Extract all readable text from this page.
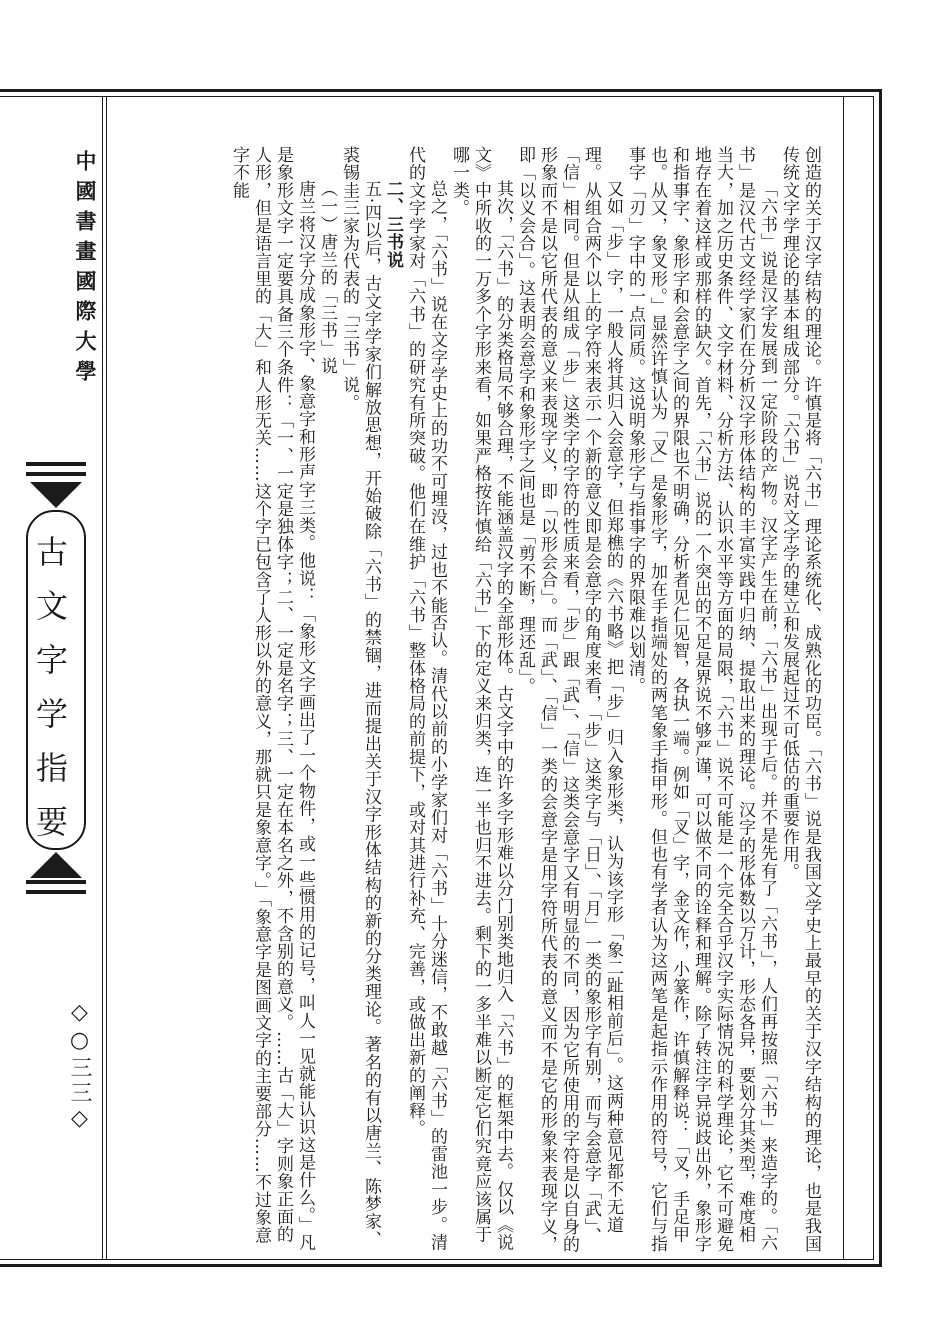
中國書畫國際大學
古文字学指要
◇○三三◇	创造的关于汉字结构的理论。许慎是将「六书」理论系统化、成熟化的功臣。「六书」说是我国文学史上最早的关于汉字结构的理论，也是我国传统文字学理论的基本组成部分。「六书」说对文字学的建立和发展起过不可低估的重要作用。

「六书」说是汉字发展到一定阶段的产物。汉字产生在前，「六书」出现于后。并不是先有了「六书」，人们再按照「六书」来造字的。「六书」是汉代古文经学家们在分析汉字形体结构的丰富实践中归纳、提取出来的理论。汉字的形体数以万计，形态各异，要划分其类型，难度相当大，加之历史条件、文字材料、分析方法、认识水平等方面的局限，「六书」说不可能是一个完全合乎汉字实际情况的科学理论，它不可避免地存在着这样或那样的缺欠。首先，「六书」说的一个突出的不足是界说不够严谨，可以做不同的诠释和理解。除了转注字异说歧出外，象形字和指事字、象形字和会意字之间的界限也不明确，分析者见仁见智，各执一端。例如「叉」字，金文作，小篆作，许慎解释说：「叉，手足甲也。从又，象叉形。」显然许慎认为「叉」是象形字，加在手指端处的两笔象手指甲形。但也有学者认为这两笔是起指示作用的符号，它们与指事字「刃」字中的一点同质。这说明象形字与指事字的界限难以划清。

又如「步」字，一般人将其归入会意字，但郑樵的《六书略》把「步」归入象形类，认为该字形「象二趾相前后」。这两种意见都不无道理。从组合两个以上的字符来表示一个新的意义即是会意字的角度来看，「步」这类字与「日」、「月」一类的象形字有别，而与会意字「武」、「信」相同。但是从组成「步」这类字的字符的性质来看，「步」跟「武」、「信」这类会意字又有明显的不同，因为它所使用的字符是以自身的形象而不是以它所代表的意义来表现字义，即「以形会合」。而「武」、「信」一类的会意字是用字符所代表的意义而不是它的形象来表现字义，即「以义会合」。这表明会意字和象形字之间也是「剪不断，理还乱」。

其次，「六书」的分类格局不够合理，不能涵盖汉字的全部形体。古文字中的许多字形难以分门别类地归入「六书」的框架中去。仅以《说文》中所收的一万多个字形来看，如果严格按许慎给「六书」下的定义来归类，连一半也归不进去。剩下的一多半难以断定它们究竟应该属于哪一类。

总之，「六书」说在文字学史上的功不可埋没，过也不能否认。清代以前的小学家们对「六书」十分迷信，不敢越「六书」的雷池一步。清代的文字学家对「六书」的研究有所突破。他们在维护「六书」整体格局的前提下，或对其进行补充、完善，或做出新的阐释。

二、三书说

五·四以后，古文字学家们解放思想，开始破除「六书」的禁锢，进而提出关于汉字形体结构的新的分类理论。著名的有以唐兰、陈梦家、裘锡圭三家为代表的「三书」说。

（一）唐兰的「三书」说

唐兰将汉字分成象形字、象意字和形声字三类。他说：「象形文字画出了一个物件，或一些惯用的记号，叫人一见就能认识这是什么。」凡是象形文字一定要具备三个条件：「一、一定是独体字；二、一定是名字；三、一定在本名之外，不含别的意义。……古「大」字则象正面的人形，但是语言里的「大」和人形无关……这个字已包含了人形以外的意义，那就只是象意字。」「象意字是图画文字的主要部分……不过象意字不能
